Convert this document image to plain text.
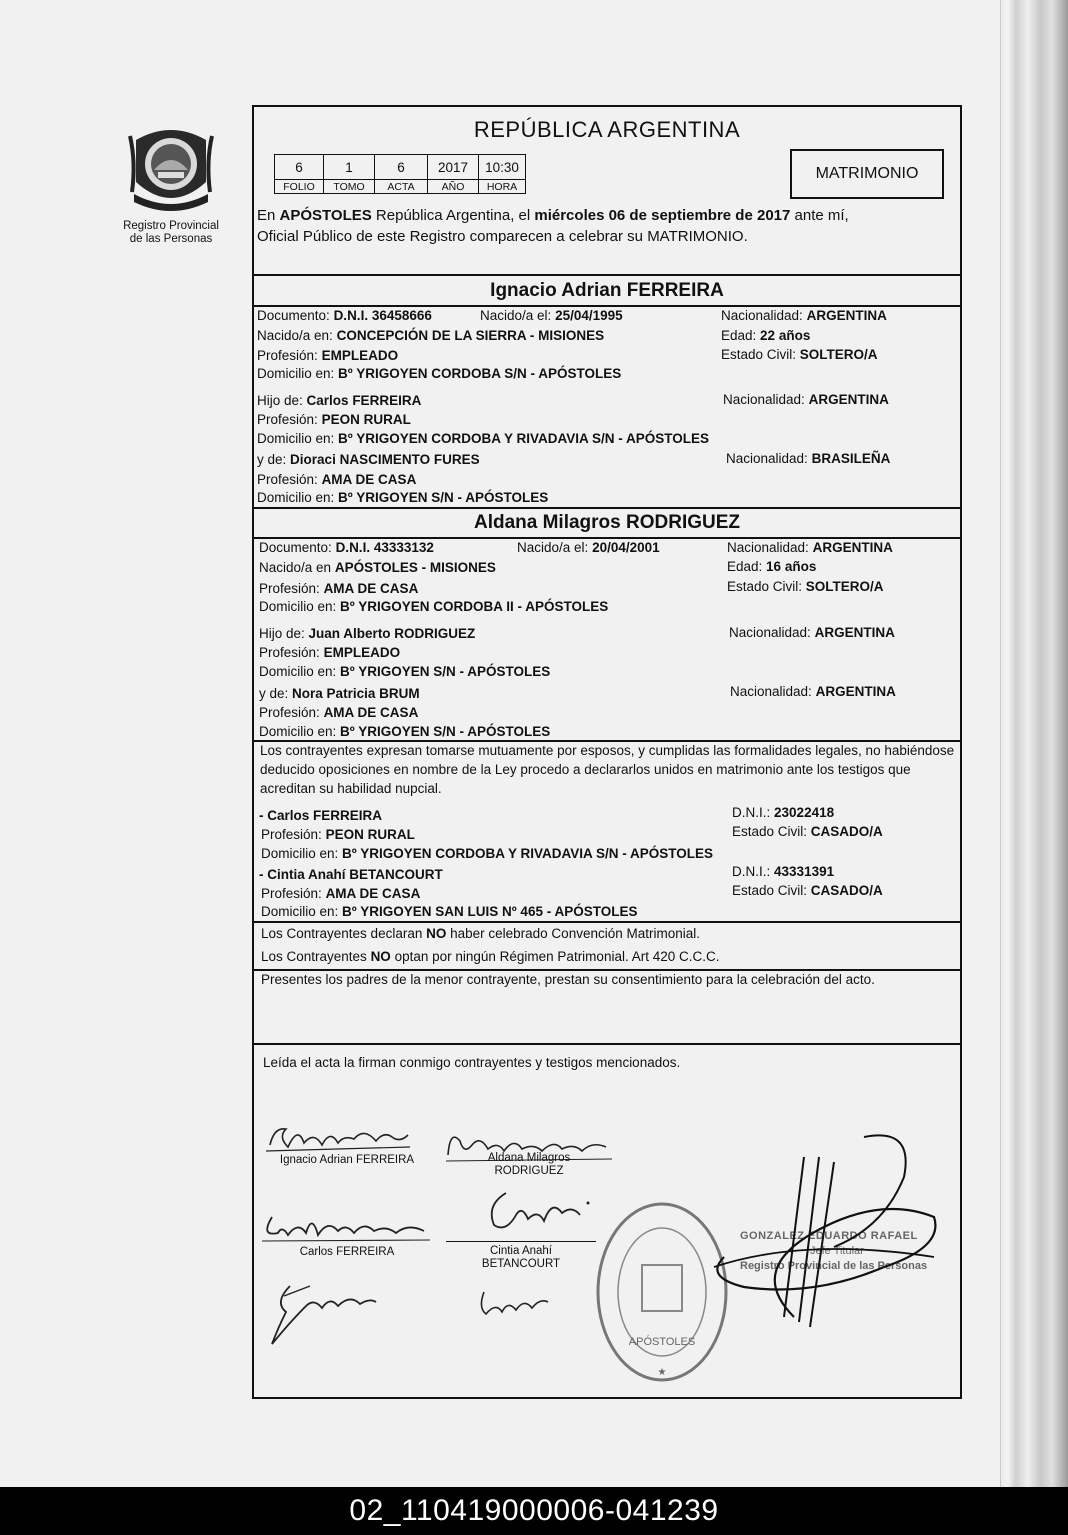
Registro Provincial
de las Personas
REPÚBLICA ARGENTINA
6	1	6	2017	10:30
FOLIO	TOMO	ACTA	AÑO	HORA
MATRIMONIO
En APÓSTOLES República Argentina, el miércoles 06 de septiembre de 2017 ante mí,
Oficial Público de este Registro comparecen a celebrar su MATRIMONIO.
Ignacio Adrian FERREIRA
Documento: D.N.I. 36458666	Nacido/a el: 25/04/1995	Nacionalidad: ARGENTINA
Nacido/a en: CONCEPCIÓN DE LA SIERRA - MISIONES	Edad: 22 años
Profesión: EMPLEADO	Estado Civil: SOLTERO/A
Domicilio en: Bº YRIGOYEN CORDOBA S/N - APÓSTOLES
Hijo de: Carlos FERREIRA	Nacionalidad: ARGENTINA
Profesión: PEON RURAL
Domicilio en: Bº YRIGOYEN CORDOBA Y RIVADAVIA S/N - APÓSTOLES
y de: Dioraci NASCIMENTO FURES	Nacionalidad: BRASILEÑA
Profesión: AMA DE CASA
Domicilio en: Bº YRIGOYEN S/N - APÓSTOLES
Aldana Milagros RODRIGUEZ
Documento: D.N.I. 43333132	Nacido/a el: 20/04/2001	Nacionalidad: ARGENTINA
Nacido/a en APÓSTOLES - MISIONES	Edad: 16 años
Profesión: AMA DE CASA	Estado Civil: SOLTERO/A
Domicilio en: Bº YRIGOYEN CORDOBA II - APÓSTOLES
Hijo de: Juan Alberto RODRIGUEZ	Nacionalidad: ARGENTINA
Profesión: EMPLEADO
Domicilio en: Bº YRIGOYEN S/N - APÓSTOLES
y de: Nora Patricia BRUM	Nacionalidad: ARGENTINA
Profesión: AMA DE CASA
Domicilio en: Bº YRIGOYEN S/N - APÓSTOLES
Los contrayentes expresan tomarse mutuamente por esposos, y cumplidas las formalidades legales, no habiéndose deducido oposiciones en nombre de la Ley procedo a declararlos unidos en matrimonio ante los testigos que acreditan su habilidad nupcial.
- Carlos FERREIRA	D.N.I.: 23022418
Profesión: PEON RURAL	Estado Civil: CASADO/A
Domicilio en: Bº YRIGOYEN CORDOBA Y RIVADAVIA S/N - APÓSTOLES
- Cintia Anahí BETANCOURT	D.N.I.: 43331391
Profesión: AMA DE CASA	Estado Civil: CASADO/A
Domicilio en: Bº YRIGOYEN SAN LUIS Nº 465 - APÓSTOLES
Los Contrayentes declaran NO haber celebrado Convención Matrimonial.
Los Contrayentes NO optan por ningún Régimen Patrimonial. Art 420 C.C.C.
Presentes los padres de la menor contrayente, prestan su consentimiento para la celebración del acto.
Leída el acta la firman conmigo contrayentes y testigos mencionados.
Ignacio Adrian FERREIRA	Aldana Milagros
RODRIGUEZ
Carlos FERREIRA	Cintia Anahí
BETANCOURT
APÓSTOLES
★
GONZALEZ EDUARDO RAFAEL
Jefe Titular
Registro Provincial de las Personas
02_110419000006-041239
